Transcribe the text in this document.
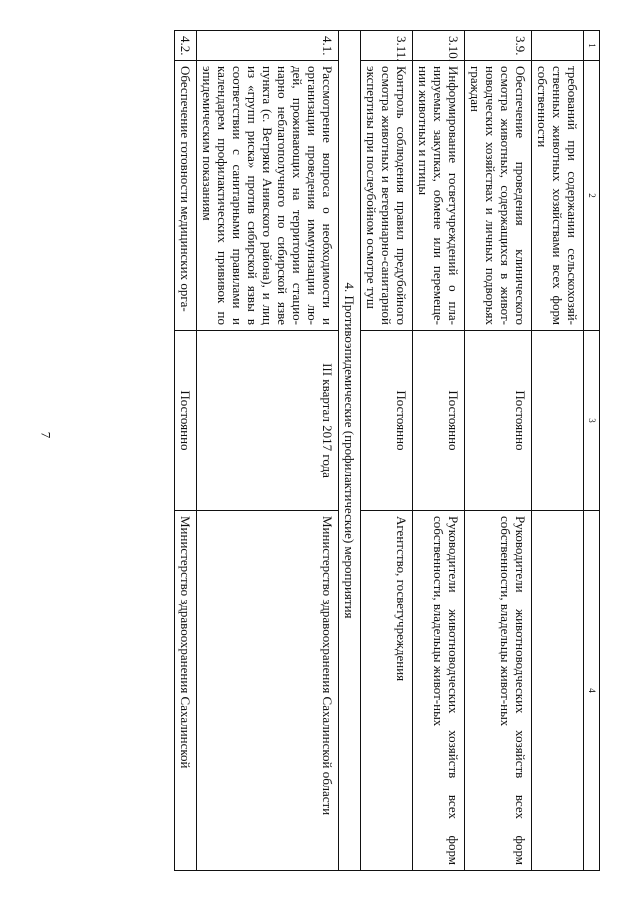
7
1	2	3	4
	требований при содержании сельскохозяй-ственных животных хозяйствами всех форм собственности		
3.9.	Обеспечение проведения клинического осмотра животных, содержащихся в живот-новодческих хозяйствах и личных подворьях граждан	Постоянно	Руководители животноводческих хозяйств всех форм собственности, владельцы живот-ных
3.10.	Информирование госветучреждений о пла-нируемых закупках, обмене или перемеще-нии животных и птицы	Постоянно	Руководители животноводческих хозяйств всех форм собственности, владельцы живот-ных
3.11.	Контроль соблюдения правил предубойного осмотра животных и ветеринарно-санитарной экспертизы при послеубойном осмотре туш	Постоянно	Агентство, госветучреждения
4. Противоэпидемические (профилактические) мероприятия			
4.1.	Рассмотрение вопроса о необходимости и организации проведения иммунизации лю-дей, проживающих на территории стацио-нарно неблагополучного по сибирской язве пункта (с. Ветряки Анивского района), и лиц из «групп риска» против сибирской язвы в соответствии с санитарными правилами и календарем профилактических прививок по эпидемическим показаниям	III квартал 2017 года	Министерство здравоохранения Сахалинской области
4.2.	Обеспечение готовности медицинских орга-	Постоянно	Министерство здравоохранения Сахалинской
